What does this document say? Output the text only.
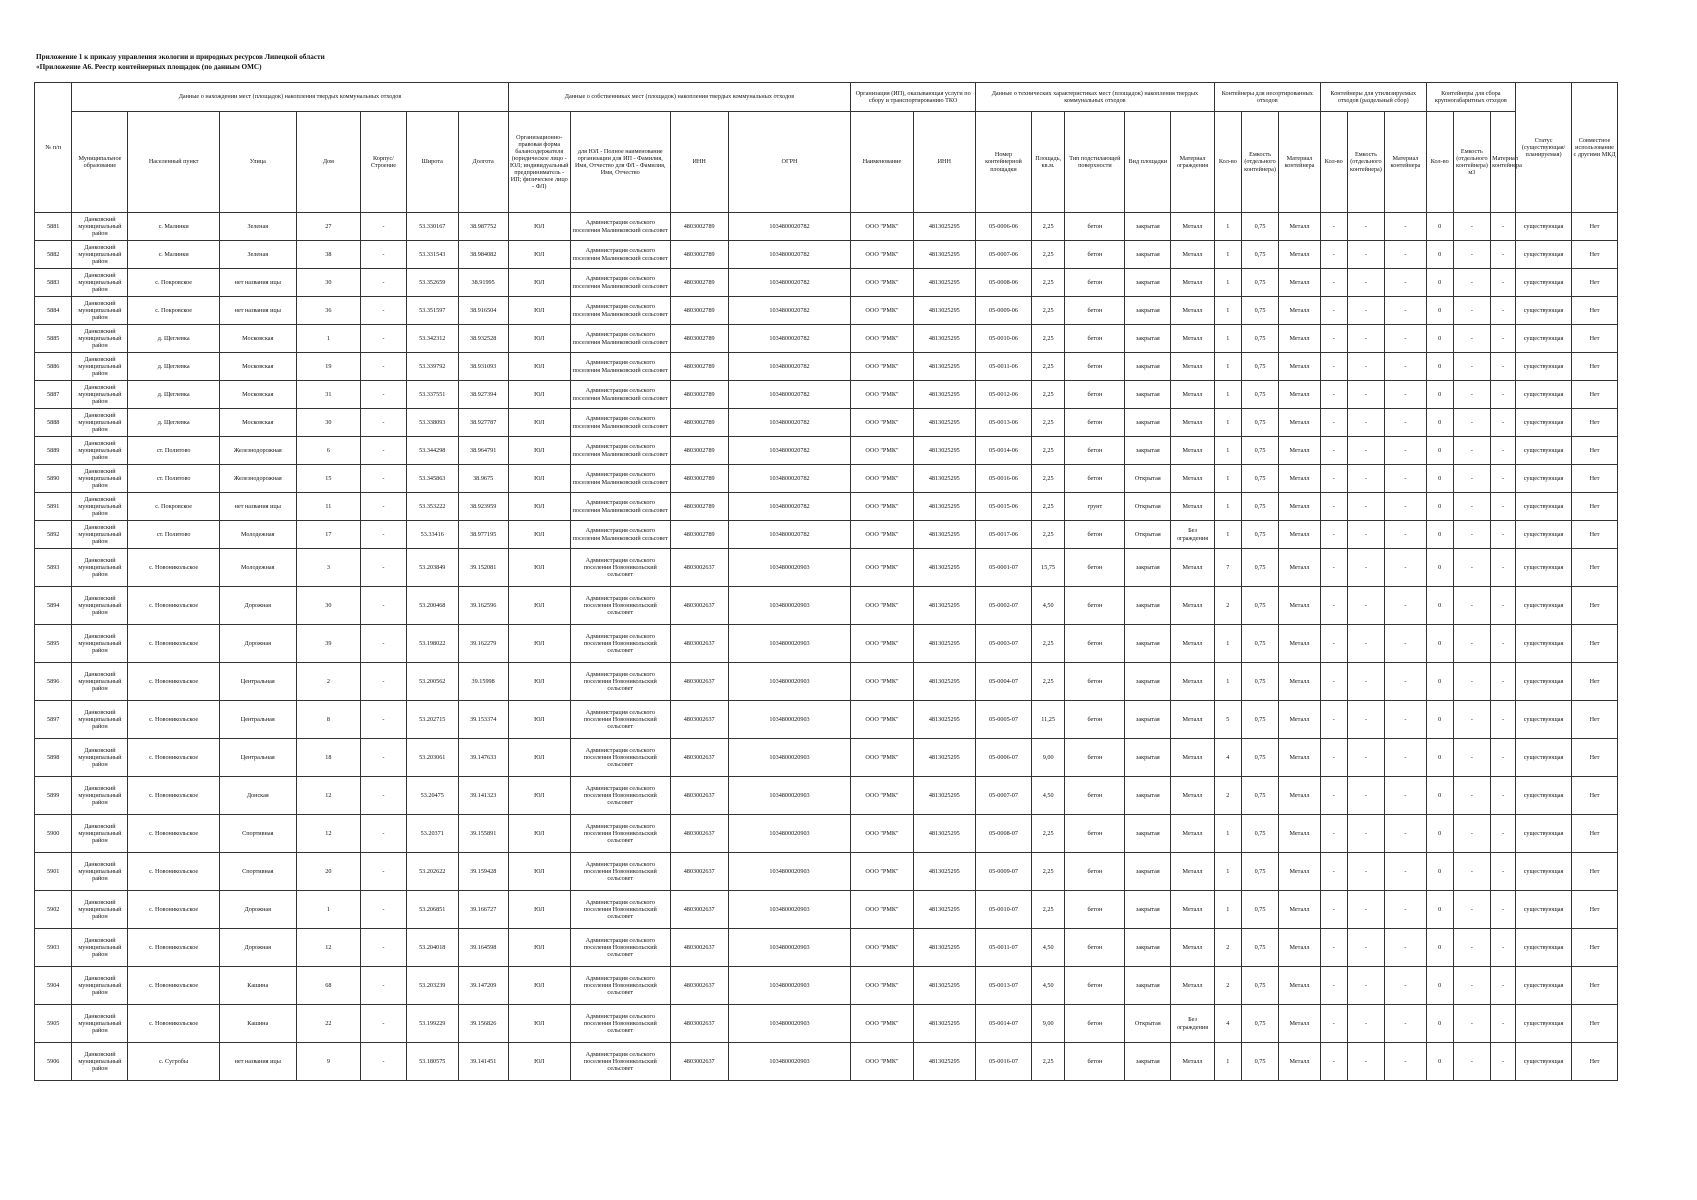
Приложение 1 к приказу управления экологии и природных ресурсов Липецкой области
«Приложение А6. Реестр контейнерных площадок (по данным ОМС)
№ п/п	Данные о нахождении мест (площадок) накопления твердых коммунальных отходов							Данные о собственниках мест (площадок) накопления твердых коммунальных отходов				Организация (ИП), оказывающая услуги по сбору и транспортированию ТКО		Данные о технических характеристиках мест (площадок) накопления твердых коммунальных отходов					Контейнеры для несортированных отходов			Контейнеры для утилизируемых отходов (раздельный сбор)			Контейнеры для сбора крупногабаритных отходов			Статус (существующая/планируемая)	Совместное использование с другими МКД
	Муниципальное образование	Населенный пункт	Улица	Дом	Корпус/Строение	Широта	Долгота	Организационно-правовая форма балансодержателя (юридическое лицо - ЮЛ; индивидуальный предприниматель - ИП; физическое лицо - ФЛ)	для ЮЛ - Полное наименование организации для ИП - Фамилия, Имя, Отчество для ФЛ - Фамилия, Имя, Отчество	ИНН	ОГРН	Наименование	ИНН	Номер контейнерной площадки	Площадь, кв.м.	Тип подстилающей поверхности	Вид площадки	Материал ограждения	Кол-во	Емкость (отдельного контейнера)	Материал контейнера	Кол-во	Емкость (отдельного контейнера)	Материал контейнера	Кол-во	Емкость (отдельного контейнера) м3	Материал контейнера		
5881	Данковский муниципальный район	с. Малинки	Зеленая	27	-	53.330167	38.987752	ЮЛ	Администрация сельского поселения Малинковский сельсовет	4803002789	1034800020782	ООО "РМК"	4813025295	05-0006-06	2,25	бетон	закрытая	Металл	1	0,75	Металл	-	-	-	0	-	-	существующая	Нет
5882	Данковский муниципальный район	с. Малинки	Зеленая	38	-	53.331543	38.984082	ЮЛ	Администрация сельского поселения Малинковский сельсовет	4803002789	1034800020782	ООО "РМК"	4813025295	05-0007-06	2,25	бетон	закрытая	Металл	1	0,75	Металл	-	-	-	0	-	-	существующая	Нет
5883	Данковский муниципальный район	с. Покровское	нет названия ицы	30	-	53.352659	38.91995	ЮЛ	Администрация сельского поселения Малинковский сельсовет	4803002789	1034800020782	ООО "РМК"	4813025295	05-0008-06	2,25	бетон	закрытая	Металл	1	0,75	Металл	-	-	-	0	-	-	существующая	Нет
5884	Данковский муниципальный район	с. Покровское	нет названия ицы	36	-	53.351597	38.916504	ЮЛ	Администрация сельского поселения Малинковский сельсовет	4803002789	1034800020782	ООО "РМК"	4813025295	05-0009-06	2,25	бетон	закрытая	Металл	1	0,75	Металл	-	-	-	0	-	-	существующая	Нет
5885	Данковский муниципальный район	д. Щеглевка	Московская	1	-	53.342312	38.932528	ЮЛ	Администрация сельского поселения Малинковский сельсовет	4803002789	1034800020782	ООО "РМК"	4813025295	05-0010-06	2,25	бетон	закрытая	Металл	1	0,75	Металл	-	-	-	0	-	-	существующая	Нет
5886	Данковский муниципальный район	д. Щеглевка	Московская	19	-	53.339792	38.931093	ЮЛ	Администрация сельского поселения Малинковский сельсовет	4803002789	1034800020782	ООО "РМК"	4813025295	05-0011-06	2,25	бетон	закрытая	Металл	1	0,75	Металл	-	-	-	0	-	-	существующая	Нет
5887	Данковский муниципальный район	д. Щеглевка	Московская	31	-	53.337551	38.927394	ЮЛ	Администрация сельского поселения Малинковский сельсовет	4803002789	1034800020782	ООО "РМК"	4813025295	05-0012-06	2,25	бетон	закрытая	Металл	1	0,75	Металл	-	-	-	0	-	-	существующая	Нет
5888	Данковский муниципальный район	д. Щеглевка	Московская	30	-	53.338093	38.927787	ЮЛ	Администрация сельского поселения Малинковский сельсовет	4803002789	1034800020782	ООО "РМК"	4813025295	05-0013-06	2,25	бетон	закрытая	Металл	1	0,75	Металл	-	-	-	0	-	-	существующая	Нет
5889	Данковский муниципальный район	ст. Политово	Железнодорожная	6	-	53.344298	38.964791	ЮЛ	Администрация сельского поселения Малинковский сельсовет	4803002789	1034800020782	ООО "РМК"	4813025295	05-0014-06	2,25	бетон	закрытая	Металл	1	0,75	Металл	-	-	-	0	-	-	существующая	Нет
5890	Данковский муниципальный район	ст. Политово	Железнодорожная	15	-	53.345863	38.9675	ЮЛ	Администрация сельского поселения Малинковский сельсовет	4803002789	1034800020782	ООО "РМК"	4813025295	05-0016-06	2,25	бетон	Открытая	Металл	1	0,75	Металл	-	-	-	0	-	-	существующая	Нет
5891	Данковский муниципальный район	с. Покровское	нет названия ицы	11	-	53.353222	38.923959	ЮЛ	Администрация сельского поселения Малинковский сельсовет	4803002789	1034800020782	ООО "РМК"	4813025295	05-0015-06	2,25	грунт	Открытая	Металл	1	0,75	Металл	-	-	-	0	-	-	существующая	Нет
5892	Данковский муниципальный район	ст. Политово	Молодежная	17	-	53.33416	38.977195	ЮЛ	Администрация сельского поселения Малинковский сельсовет	4803002789	1034800020782	ООО "РМК"	4813025295	05-0017-06	2,25	бетон	Открытая	Без ограждения	1	0,75	Металл	-	-	-	0	-	-	существующая	Нет
5893	Данковский муниципальный район	с. Новоникольское	Молодежная	3	-	53.203849	39.152081	ЮЛ	Администрация сельского поселения Новоникольский сельсовет	4803002637	1034800020903	ООО "РМК"	4813025295	05-0001-07	15,75	бетон	закрытая	Металл	7	0,75	Металл	-	-	-	0	-	-	существующая	Нет
5894	Данковский муниципальный район	с. Новоникольское	Дорожная	30	-	53.200468	39.162596	ЮЛ	Администрация сельского поселения Новоникольский сельсовет	4803002637	1034800020903	ООО "РМК"	4813025295	05-0002-07	4,50	бетон	закрытая	Металл	2	0,75	Металл	-	-	-	0	-	-	существующая	Нет
5895	Данковский муниципальный район	с. Новоникольское	Дорожная	39	-	53.198022	39.162279	ЮЛ	Администрация сельского поселения Новоникольский сельсовет	4803002637	1034800020903	ООО "РМК"	4813025295	05-0003-07	2,25	бетон	закрытая	Металл	1	0,75	Металл	-	-	-	0	-	-	существующая	Нет
5896	Данковский муниципальный район	с. Новоникольское	Центральная	2	-	53.200562	39.15998	ЮЛ	Администрация сельского поселения Новоникольский сельсовет	4803002637	1034800020903	ООО "РМК"	4813025295	05-0004-07	2,25	бетон	закрытая	Металл	1	0,75	Металл	-	-	-	0	-	-	существующая	Нет
5897	Данковский муниципальный район	с. Новоникольское	Центральная	8	-	53.202715	39.153374	ЮЛ	Администрация сельского поселения Новоникольский сельсовет	4803002637	1034800020903	ООО "РМК"	4813025295	05-0005-07	11,25	бетон	закрытая	Металл	5	0,75	Металл	-	-	-	0	-	-	существующая	Нет
5898	Данковский муниципальный район	с. Новоникольское	Центральная	18	-	53.203061	39.147633	ЮЛ	Администрация сельского поселения Новоникольский сельсовет	4803002637	1034800020903	ООО "РМК"	4813025295	05-0006-07	9,00	бетон	закрытая	Металл	4	0,75	Металл	-	-	-	0	-	-	существующая	Нет
5899	Данковский муниципальный район	с. Новоникольское	Донская	12	-	53.20475	39.141323	ЮЛ	Администрация сельского поселения Новоникольский сельсовет	4803002637	1034800020903	ООО "РМК"	4813025295	05-0007-07	4,50	бетон	закрытая	Металл	2	0,75	Металл	-	-	-	0	-	-	существующая	Нет
5900	Данковский муниципальный район	с. Новоникольское	Спортивная	12	-	53.20371	39.155891	ЮЛ	Администрация сельского поселения Новоникольский сельсовет	4803002637	1034800020903	ООО "РМК"	4813025295	05-0008-07	2,25	бетон	закрытая	Металл	1	0,75	Металл	-	-	-	0	-	-	существующая	Нет
5901	Данковский муниципальный район	с. Новоникольское	Спортивная	20	-	53.202622	39.159428	ЮЛ	Администрация сельского поселения Новоникольский сельсовет	4803002637	1034800020903	ООО "РМК"	4813025295	05-0009-07	2,25	бетон	закрытая	Металл	1	0,75	Металл	-	-	-	0	-	-	существующая	Нет
5902	Данковский муниципальный район	с. Новоникольское	Дорожная	1	-	53.206851	39.166727	ЮЛ	Администрация сельского поселения Новоникольский сельсовет	4803002637	1034800020903	ООО "РМК"	4813025295	05-0010-07	2,25	бетон	закрытая	Металл	1	0,75	Металл	-	-	-	0	-	-	существующая	Нет
5903	Данковский муниципальный район	с. Новоникольское	Дорожная	12	-	53.204018	39.164598	ЮЛ	Администрация сельского поселения Новоникольский сельсовет	4803002637	1034800020903	ООО "РМК"	4813025295	05-0011-07	4,50	бетон	закрытая	Металл	2	0,75	Металл	-	-	-	0	-	-	существующая	Нет
5904	Данковский муниципальный район	с. Новоникольское	Кашина	68	-	53.203239	39.147209	ЮЛ	Администрация сельского поселения Новоникольский сельсовет	4803002637	1034800020903	ООО "РМК"	4813025295	05-0013-07	4,50	бетон	закрытая	Металл	2	0,75	Металл	-	-	-	0	-	-	существующая	Нет
5905	Данковский муниципальный район	с. Новоникольское	Кашина	22	-	53.199229	39.156826	ЮЛ	Администрация сельского поселения Новоникольский сельсовет	4803002637	1034800020903	ООО "РМК"	4813025295	05-0014-07	9,00	бетон	Открытая	Без ограждения	4	0,75	Металл	-	-	-	0	-	-	существующая	Нет
5906	Данковский муниципальный район	с. Сугробы	нет названия ицы	9	-	53.180575	39.141451	ЮЛ	Администрация сельского поселения Новоникольский сельсовет	4803002637	1034800020903	ООО "РМК"	4813025295	05-0016-07	2,25	бетон	закрытая	Металл	1	0,75	Металл	-	-	-	0	-	-	существующая	Нет
